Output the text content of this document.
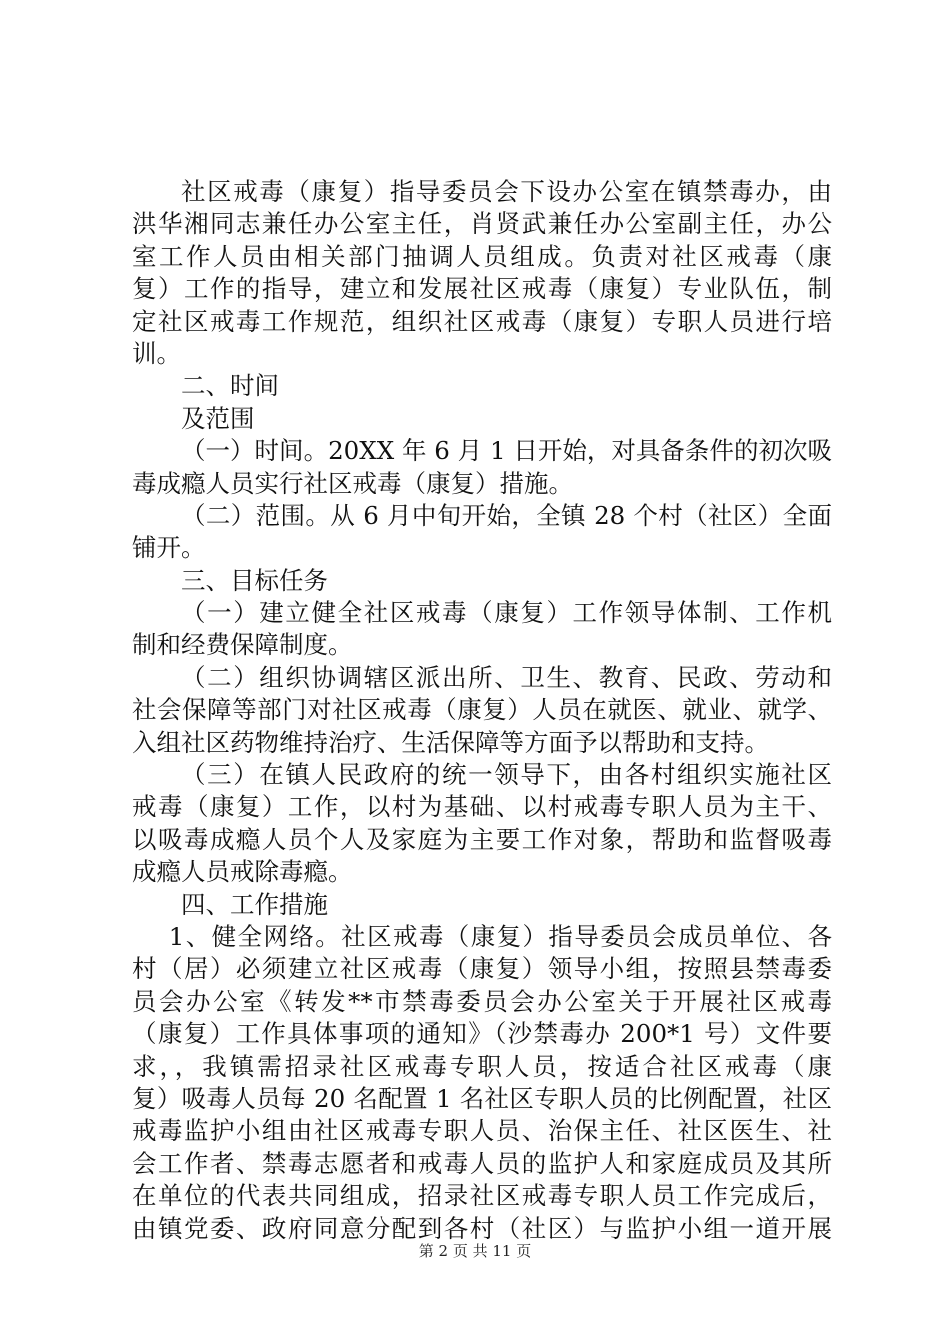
社区戒毒（康复）指导委员会下设办公室在镇禁毒办，由
洪华湘同志兼任办公室主任，肖贤武兼任办公室副主任，办公
室工作人员由相关部门抽调人员组成。负责对社区戒毒（康
复）工作的指导，建立和发展社区戒毒（康复）专业队伍，制
定社区戒毒工作规范，组织社区戒毒（康复）专职人员进行培
训。
二、时间
及范围
（一）时间。20XX 年 6 月 1 日开始，对具备条件的初次吸
毒成瘾人员实行社区戒毒（康复）措施。
（二）范围。从 6 月中旬开始，全镇 28 个村（社区）全面
铺开。
三、目标任务
（一）建立健全社区戒毒（康复）工作领导体制、工作机
制和经费保障制度。
（二）组织协调辖区派出所、卫生、教育、民政、劳动和
社会保障等部门对社区戒毒（康复）人员在就医、就业、就学、
入组社区药物维持治疗、生活保障等方面予以帮助和支持。
（三）在镇人民政府的统一领导下，由各村组织实施社区
戒毒（康复）工作，以村为基础、以村戒毒专职人员为主干、
以吸毒成瘾人员个人及家庭为主要工作对象，帮助和监督吸毒
成瘾人员戒除毒瘾。
四、工作措施
1、健全网络。社区戒毒（康复）指导委员会成员单位、各
村（居）必须建立社区戒毒（康复）领导小组，按照县禁毒委
员会办公室《转发**市禁毒委员会办公室关于开展社区戒毒
（康复）工作具体事项的通知》（沙禁毒办 200*1 号）文件要
求，，我镇需招录社区戒毒专职人员，按适合社区戒毒（康
复）吸毒人员每 20 名配置 1 名社区专职人员的比例配置，社区
戒毒监护小组由社区戒毒专职人员、治保主任、社区医生、社
会工作者、禁毒志愿者和戒毒人员的监护人和家庭成员及其所
在单位的代表共同组成，招录社区戒毒专职人员工作完成后，
由镇党委、政府同意分配到各村（社区）与监护小组一道开展
第 2 页 共 11 页
